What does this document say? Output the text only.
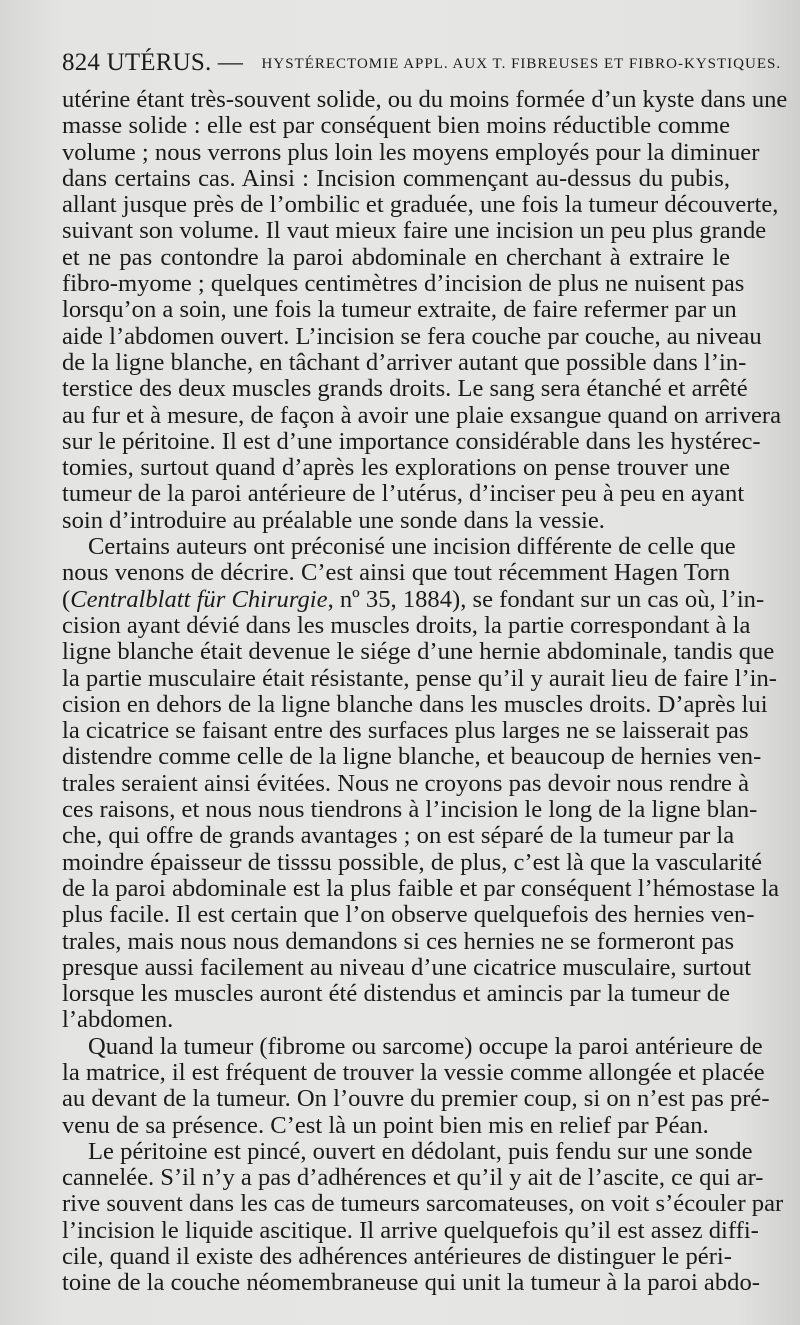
824 UTÉRUS. — HYSTÉRECTOMIE APPL. AUX T. FIBREUSES ET FIBRO-KYSTIQUES.
utérine étant très-souvent solide, ou du moins formée d’un kyste dans une
masse solide : elle est par conséquent bien moins réductible comme
volume ; nous verrons plus loin les moyens employés pour la diminuer
dans certains cas. Ainsi : Incision commençant au-dessus du pubis,
allant jusque près de l’ombilic et graduée, une fois la tumeur découverte,
suivant son volume. Il vaut mieux faire une incision un peu plus grande
et ne pas contondre la paroi abdominale en cherchant à extraire le
fibro-myome ; quelques centimètres d’incision de plus ne nuisent pas
lorsqu’on a soin, une fois la tumeur extraite, de faire refermer par un
aide l’abdomen ouvert. L’incision se fera couche par couche, au niveau
de la ligne blanche, en tâchant d’arriver autant que possible dans l’in-
terstice des deux muscles grands droits. Le sang sera étanché et arrêté
au fur et à mesure, de façon à avoir une plaie exsangue quand on arrivera
sur le péritoine. Il est d’une importance considérable dans les hystérec-
tomies, surtout quand d’après les explorations on pense trouver une
tumeur de la paroi antérieure de l’utérus, d’inciser peu à peu en ayant
soin d’introduire au préalable une sonde dans la vessie.
Certains auteurs ont préconisé une incision différente de celle que
nous venons de décrire. C’est ainsi que tout récemment Hagen Torn
(Centralblatt für Chirurgie, nº 35, 1884), se fondant sur un cas où, l’in-
cision ayant dévié dans les muscles droits, la partie correspondant à la
ligne blanche était devenue le siége d’une hernie abdominale, tandis que
la partie musculaire était résistante, pense qu’il y aurait lieu de faire l’in-
cision en dehors de la ligne blanche dans les muscles droits. D’après lui
la cicatrice se faisant entre des surfaces plus larges ne se laisserait pas
distendre comme celle de la ligne blanche, et beaucoup de hernies ven-
trales seraient ainsi évitées. Nous ne croyons pas devoir nous rendre à
ces raisons, et nous nous tiendrons à l’incision le long de la ligne blan-
che, qui offre de grands avantages ; on est séparé de la tumeur par la
moindre épaisseur de tisssu possible, de plus, c’est là que la vascularité
de la paroi abdominale est la plus faible et par conséquent l’hémostase la
plus facile. Il est certain que l’on observe quelquefois des hernies ven-
trales, mais nous nous demandons si ces hernies ne se formeront pas
presque aussi facilement au niveau d’une cicatrice musculaire, surtout
lorsque les muscles auront été distendus et amincis par la tumeur de
l’abdomen.
Quand la tumeur (fibrome ou sarcome) occupe la paroi antérieure de
la matrice, il est fréquent de trouver la vessie comme allongée et placée
au devant de la tumeur. On l’ouvre du premier coup, si on n’est pas pré-
venu de sa présence. C’est là un point bien mis en relief par Péan.
Le péritoine est pincé, ouvert en dédolant, puis fendu sur une sonde
cannelée. S’il n’y a pas d’adhérences et qu’il y ait de l’ascite, ce qui ar-
rive souvent dans les cas de tumeurs sarcomateuses, on voit s’écouler par
l’incision le liquide ascitique. Il arrive quelquefois qu’il est assez diffi-
cile, quand il existe des adhérences antérieures de distinguer le péri-
toine de la couche néomembraneuse qui unit la tumeur à la paroi abdo-
